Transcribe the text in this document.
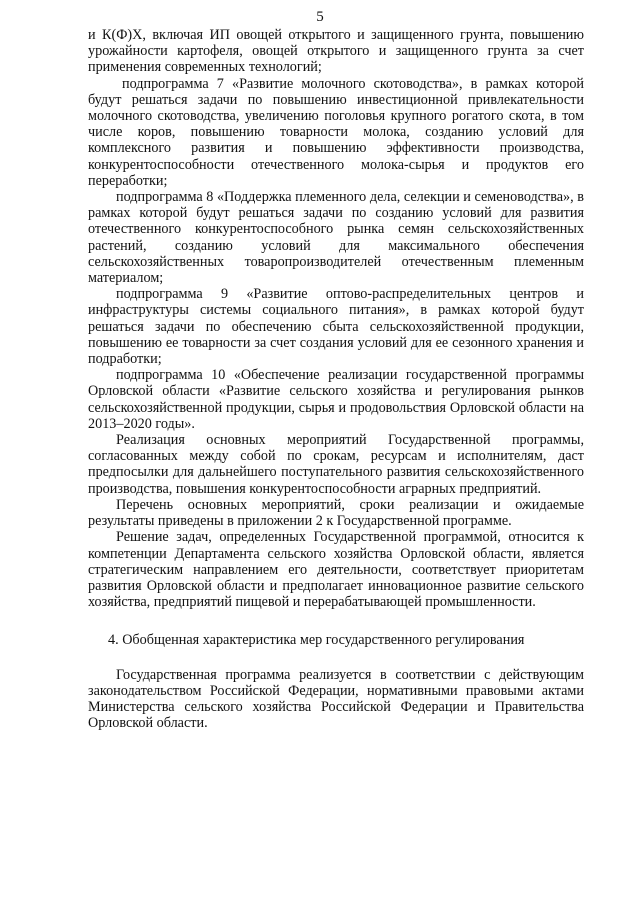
5

и К(Ф)Х, включая ИП овощей открытого и защищенного грунта, повышению урожайности картофеля, овощей открытого и защищенного грунта за счет применения современных технологий;

подпрограмма 7 «Развитие молочного скотоводства», в рамках которой будут решаться задачи по повышению инвестиционной привлекательности молочного скотоводства, увеличению поголовья крупного рогатого скота, в том числе коров, повышению товарности молока, созданию условий для комплексного развития и повышению эффективности производства, конкурентоспособности отечественного молока-сырья и продуктов его переработки;

подпрограмма 8 «Поддержка племенного дела, селекции и семеноводства», в рамках которой будут решаться задачи по созданию условий для развития отечественного конкурентоспособного рынка семян сельскохозяйственных растений, созданию условий для максимального обеспечения сельскохозяйственных товаропроизводителей отечественным племенным материалом;

подпрограмма 9 «Развитие оптово-распределительных центров и инфраструктуры системы социального питания», в рамках которой будут решаться задачи по обеспечению сбыта сельскохозяйственной продукции, повышению ее товарности за счет создания условий для ее сезонного хранения и подработки;

подпрограмма 10 «Обеспечение реализации государственной программы Орловской области «Развитие сельского хозяйства и регулирования рынков сельскохозяйственной продукции, сырья и продовольствия Орловской области на 2013–2020 годы».

Реализация основных мероприятий Государственной программы, согласованных между собой по срокам, ресурсам и исполнителям, даст предпосылки для дальнейшего поступательного развития сельскохозяйственного производства, повышения конкурентоспособности аграрных предприятий.

Перечень основных мероприятий, сроки реализации и ожидаемые результаты приведены в приложении 2 к Государственной программе.

Решение задач, определенных Государственной программой, относится к компетенции Департамента сельского хозяйства Орловской области, является стратегическим направлением его деятельности, соответствует приоритетам развития Орловской области и предполагает инновационное развитие сельского хозяйства, предприятий пищевой и перерабатывающей промышленности.

4. Обобщенная характеристика мер государственного регулирования

Государственная программа реализуется в соответствии с действующим законодательством Российской Федерации, нормативными правовыми актами Министерства сельского хозяйства Российской Федерации и Правительства Орловской области.
